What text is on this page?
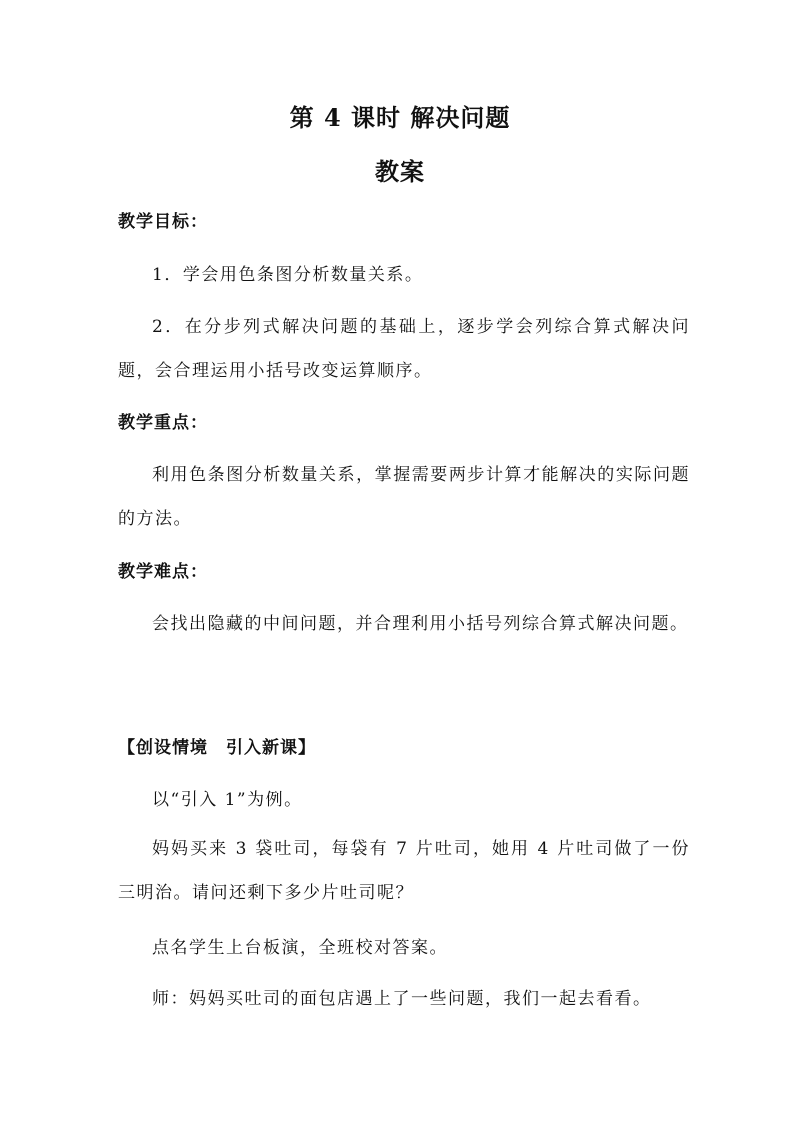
第 4 课时 解决问题
教案
教学目标：
1．学会用色条图分析数量关系。
2．在分步列式解决问题的基础上，逐步学会列综合算式解决问题，会合理运用小括号改变运算顺序。
教学重点：
利用色条图分析数量关系，掌握需要两步计算才能解决的实际问题的方法。
教学难点：
会找出隐藏的中间问题，并合理利用小括号列综合算式解决问题。
【创设情境　引入新课】
以“引入 1”为例。
妈妈买来 3 袋吐司，每袋有 7 片吐司，她用 4 片吐司做了一份三明治。请问还剩下多少片吐司呢？
点名学生上台板演，全班校对答案。
师：妈妈买吐司的面包店遇上了一些问题，我们一起去看看。
